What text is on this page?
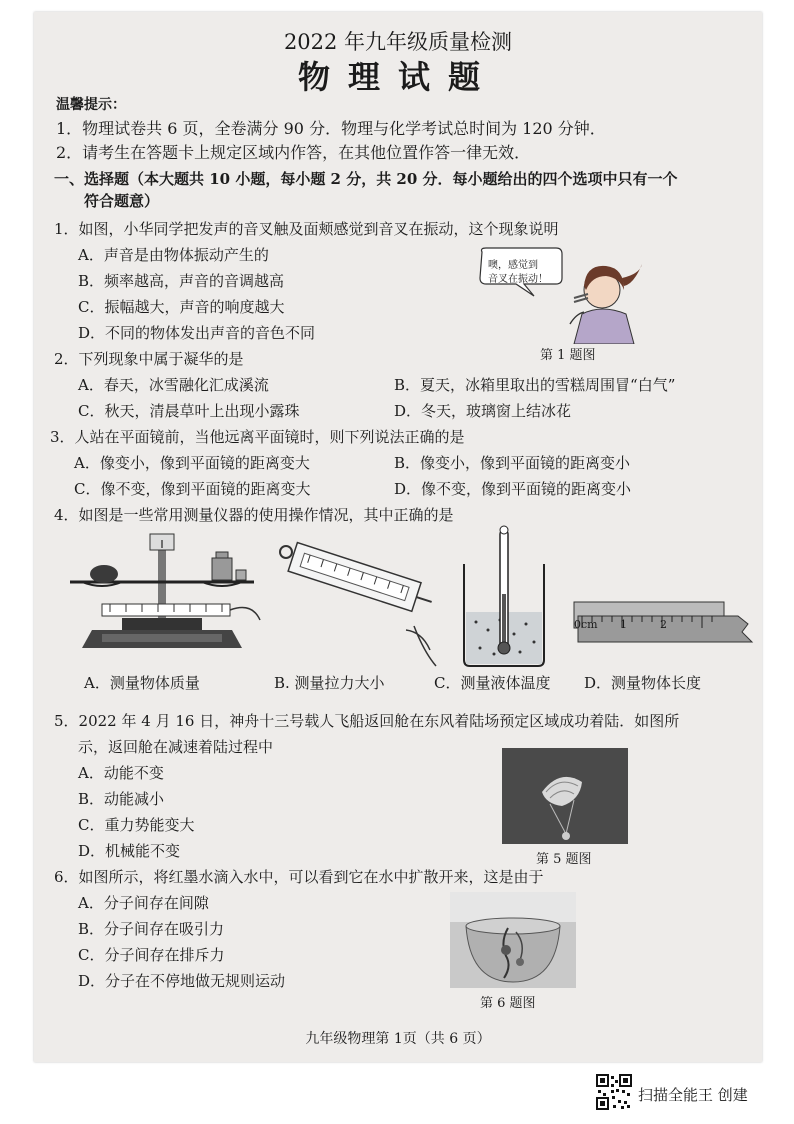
2022 年九年级质量检测
物理试题
温馨提示：
1．物理试卷共 6 页，全卷满分 90 分．物理与化学考试总时间为 120 分钟．
2．请考生在答题卡上规定区域内作答，在其他位置作答一律无效．
一、选择题（本大题共 10 小题，每小题 2 分，共 20 分．每小题给出的四个选项中只有一个
符合题意）
1．如图，小华同学把发声的音叉触及面颊感觉到音叉在振动，这个现象说明
A．声音是由物体振动产生的
B．频率越高，声音的音调越高
C．振幅越大，声音的响度越大
D．不同的物体发出声音的音色不同
噢，感觉到
音叉在振动！
第 1 题图
2．下列现象中属于凝华的是
A．春天，冰雪融化汇成溪流	B．夏天，冰箱里取出的雪糕周围冒“白气”
C．秋天，清晨草叶上出现小露珠	D．冬天，玻璃窗上结冰花
3．人站在平面镜前，当他远离平面镜时，则下列说法正确的是
A．像变小，像到平面镜的距离变大	B．像变小，像到平面镜的距离变小
C．像不变，像到平面镜的距离变大	D．像不变，像到平面镜的距离变小
4．如图是一些常用测量仪器的使用操作情况，其中正确的是
0cm 1	2
A．测量物体质量	B. 测量拉力大小	C．测量液体温度 D．测量物体长度
5．2022 年 4 月 16 日，神舟十三号载人飞船返回舱在东风着陆场预定区域成功着陆．如图所
示，返回舱在减速着陆过程中
A．动能不变
B．动能减小
C．重力势能变大
D．机械能不变	第 5 题图
6．如图所示，将红墨水滴入水中，可以看到它在水中扩散开来，这是由于
A．分子间存在间隙
B．分子间存在吸引力
C．分子间存在排斥力
D．分子在不停地做无规则运动
第 6 题图
九年级物理第 1页（共 6 页）
扫描全能王 创建
